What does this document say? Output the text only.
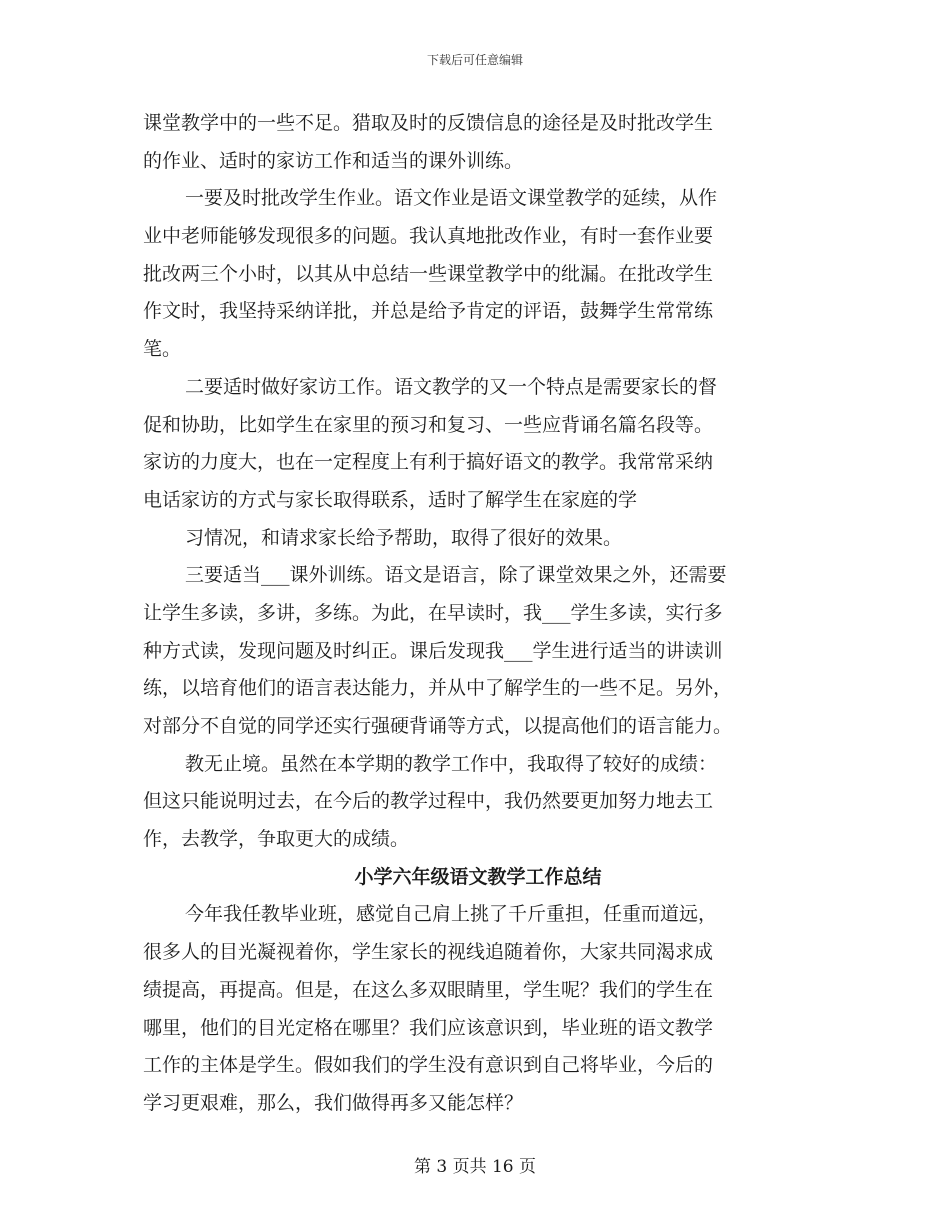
下载后可任意编辑
课堂教学中的一些不足。猎取及时的反馈信息的途径是及时批改学生
的作业、适时的家访工作和适当的课外训练。
一要及时批改学生作业。语文作业是语文课堂教学的延续，从作
业中老师能够发现很多的问题。我认真地批改作业，有时一套作业要
批改两三个小时，以其从中总结一些课堂教学中的纰漏。在批改学生
作文时，我坚持采纳详批，并总是给予肯定的评语，鼓舞学生常常练
笔。
二要适时做好家访工作。语文教学的又一个特点是需要家长的督
促和协助，比如学生在家里的预习和复习、一些应背诵名篇名段等。
家访的力度大，也在一定程度上有利于搞好语文的教学。我常常采纳
电话家访的方式与家长取得联系，适时了解学生在家庭的学
习情况，和请求家长给予帮助，取得了很好的效果。
三要适当___课外训练。语文是语言，除了课堂效果之外，还需要
让学生多读，多讲，多练。为此，在早读时，我___学生多读，实行多
种方式读，发现问题及时纠正。课后发现我___学生进行适当的讲读训
练，以培育他们的语言表达能力，并从中了解学生的一些不足。另外，
对部分不自觉的同学还实行强硬背诵等方式，以提高他们的语言能力。
教无止境。虽然在本学期的教学工作中，我取得了较好的成绩：
但这只能说明过去，在今后的教学过程中，我仍然要更加努力地去工
作，去教学，争取更大的成绩。
小学六年级语文教学工作总结
今年我任教毕业班，感觉自己肩上挑了千斤重担，任重而道远，
很多人的目光凝视着你，学生家长的视线追随着你，大家共同渴求成
绩提高，再提高。但是，在这么多双眼睛里，学生呢？我们的学生在
哪里，他们的目光定格在哪里？我们应该意识到，毕业班的语文教学
工作的主体是学生。假如我们的学生没有意识到自己将毕业，今后的
学习更艰难，那么，我们做得再多又能怎样？
第 3 页共 16 页
